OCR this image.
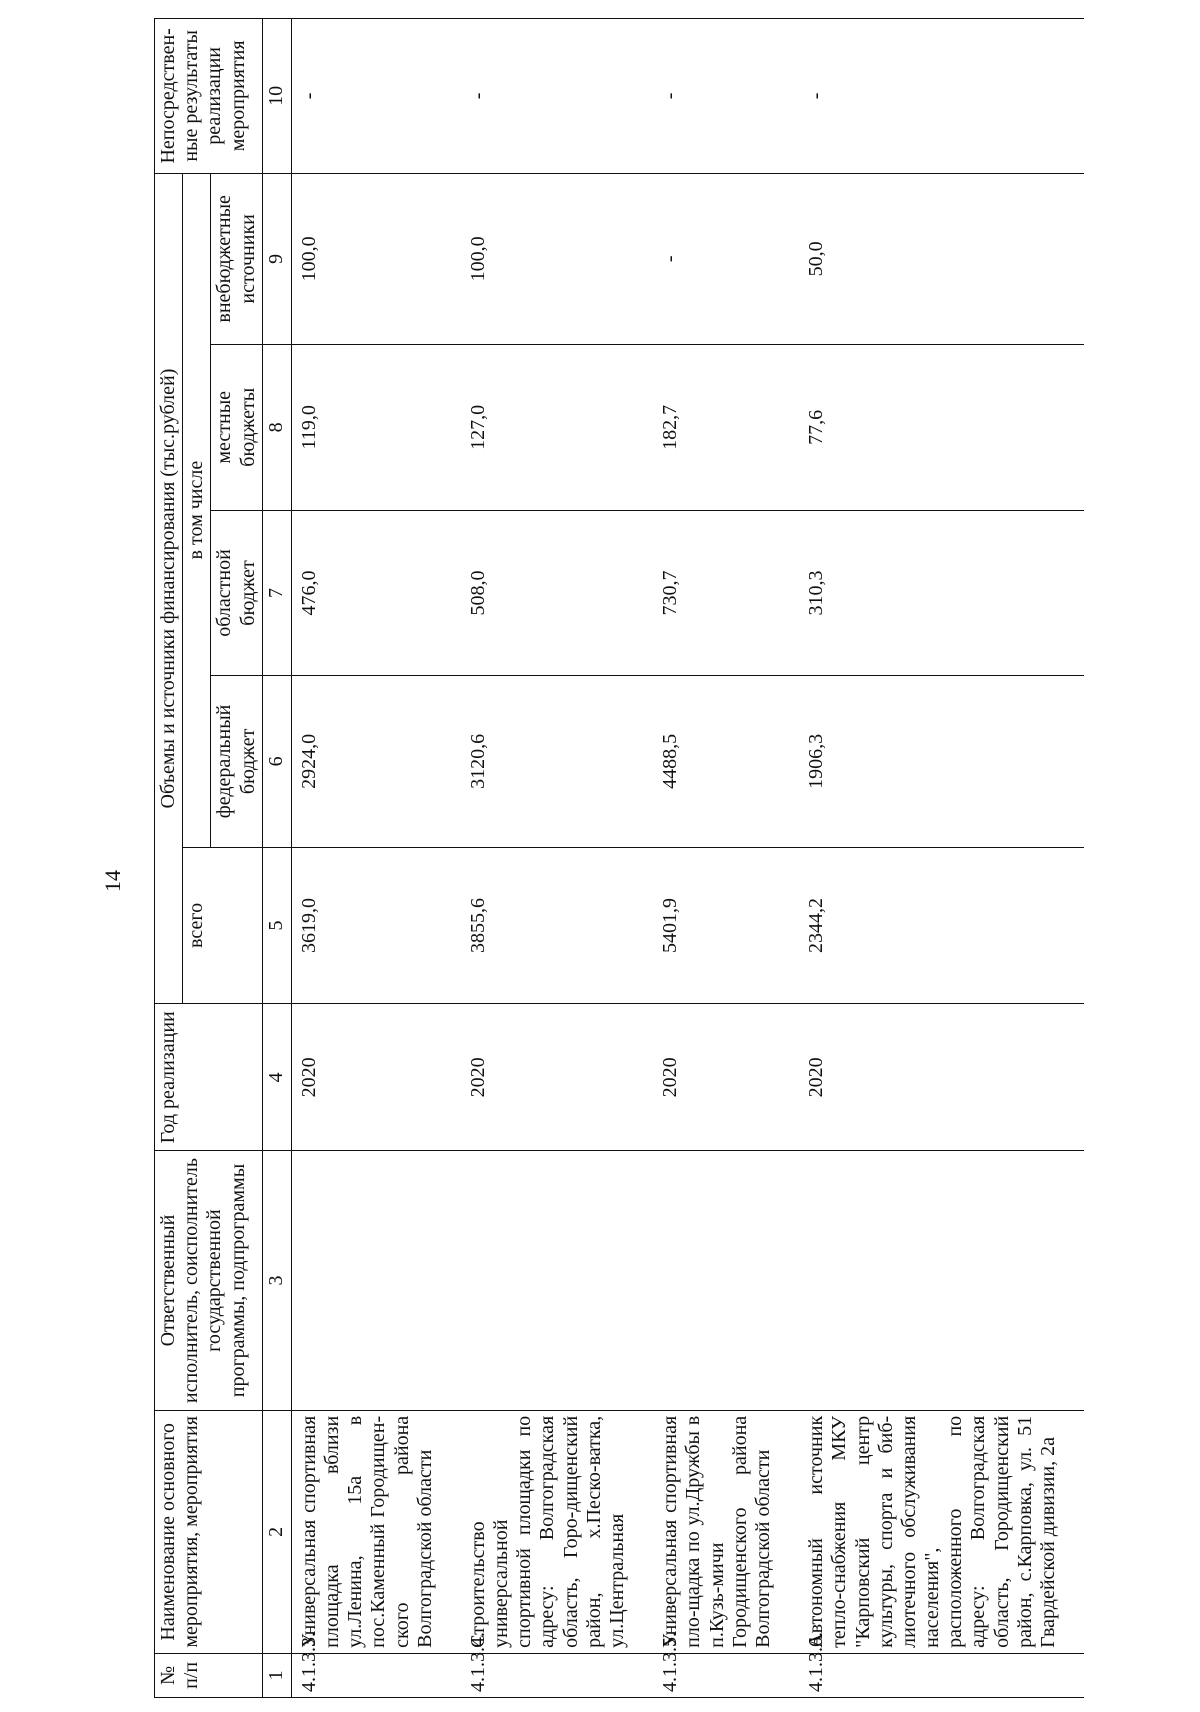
14
№ п/п	Наименование основного мероприятия, мероприятия	Ответственный исполнитель, соисполнитель государственной программы, подпрограммы	Год реализации	Объемы и источники финансирования (тыс.рублей)					Непосредствен-ные результаты реализации мероприятия
				всего	в том числе				
					федеральный бюджет	областной бюджет	местные бюджеты	внебюджетные источники	
1	2	3	4	5	6	7	8	9	10
4.1.3.3.	Универсальная спортивная площадка вблизи ул.Ленина, 15а в пос.Каменный Городищен-ского района Волгоградской области		2020	3619,0	2924,0	476,0	119,0	100,0	-
4.1.3.4.	Строительство универсальной спортивной площадки по адресу: Волгоградская область, Горо-дищенский район, х.Песко-ватка, ул.Центральная		2020	3855,6	3120,6	508,0	127,0	100,0	-
4.1.3.5.	Универсальная спортивная пло-щадка по ул.Дружбы в п.Кузь-мичи Городищенского района Волгоградской области		2020	5401,9	4488,5	730,7	182,7	-	-
4.1.3.6.	Автономный источник тепло-снабжения МКУ "Карповский центр культуры, спорта и биб-лиотечного обслуживания населения", расположенного по адресу: Волгоградская область, Городищенский район, с.Карповка, ул. 51 Гвардейской дивизии, 2а		2020	2344,2	1906,3	310,3	77,6	50,0	-
